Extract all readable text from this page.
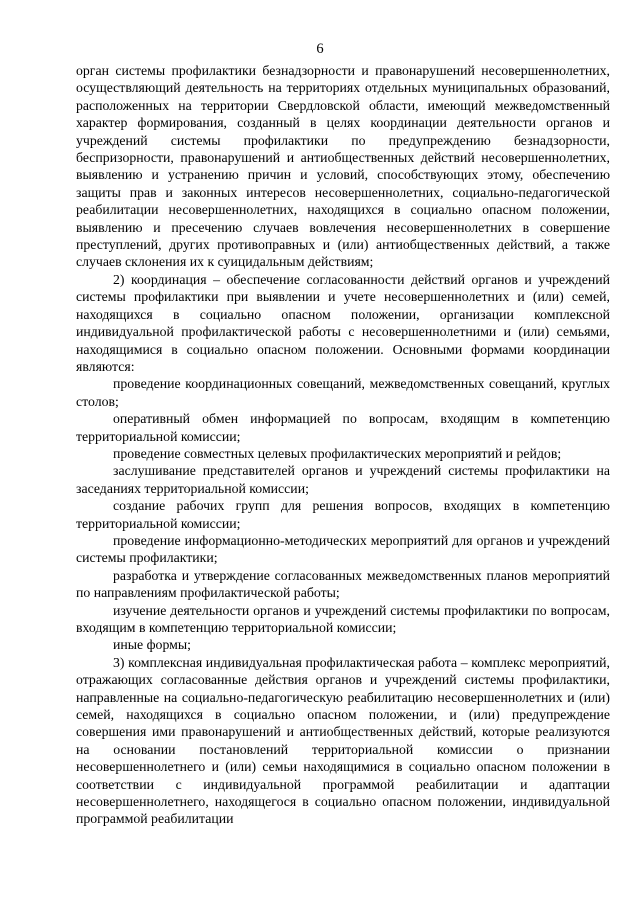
6

орган системы профилактики безнадзорности и правонарушений несовершеннолетних, осуществляющий деятельность на территориях отдельных муниципальных образований, расположенных на территории Свердловской области, имеющий межведомственный характер формирования, созданный в целях координации деятельности органов и учреждений системы профилактики по предупреждению безнадзорности, беспризорности, правонарушений и антиобщественных действий несовершеннолетних, выявлению и устранению причин и условий, способствующих этому, обеспечению защиты прав и законных интересов несовершеннолетних, социально-педагогической реабилитации несовершеннолетних, находящихся в социально опасном положении, выявлению и пресечению случаев вовлечения несовершеннолетних в совершение преступлений, других противоправных и (или) антиобщественных действий, а также случаев склонения их к суицидальным действиям;

2) координация – обеспечение согласованности действий органов и учреждений системы профилактики при выявлении и учете несовершеннолетних и (или) семей, находящихся в социально опасном положении, организации комплексной индивидуальной профилактической работы с несовершеннолетними и (или) семьями, находящимися в социально опасном положении. Основными формами координации являются:

проведение координационных совещаний, межведомственных совещаний, круглых столов;

оперативный обмен информацией по вопросам, входящим в компетенцию территориальной комиссии;

проведение совместных целевых профилактических мероприятий и рейдов;

заслушивание представителей органов и учреждений системы профилактики на заседаниях территориальной комиссии;

создание рабочих групп для решения вопросов, входящих в компетенцию территориальной комиссии;

проведение информационно-методических мероприятий для органов и учреждений системы профилактики;

разработка и утверждение согласованных межведомственных планов мероприятий по направлениям профилактической работы;

изучение деятельности органов и учреждений системы профилактики по вопросам, входящим в компетенцию территориальной комиссии;

иные формы;

3) комплексная индивидуальная профилактическая работа – комплекс мероприятий, отражающих согласованные действия органов и учреждений системы профилактики, направленные на социально-педагогическую реабилитацию несовершеннолетних и (или) семей, находящихся в социально опасном положении, и (или) предупреждение совершения ими правонарушений и антиобщественных действий, которые реализуются на основании постановлений территориальной комиссии о признании несовершеннолетнего и (или) семьи находящимися в социально опасном положении в соответствии с индивидуальной программой реабилитации и адаптации несовершеннолетнего, находящегося в социально опасном положении, индивидуальной программой реабилитации
